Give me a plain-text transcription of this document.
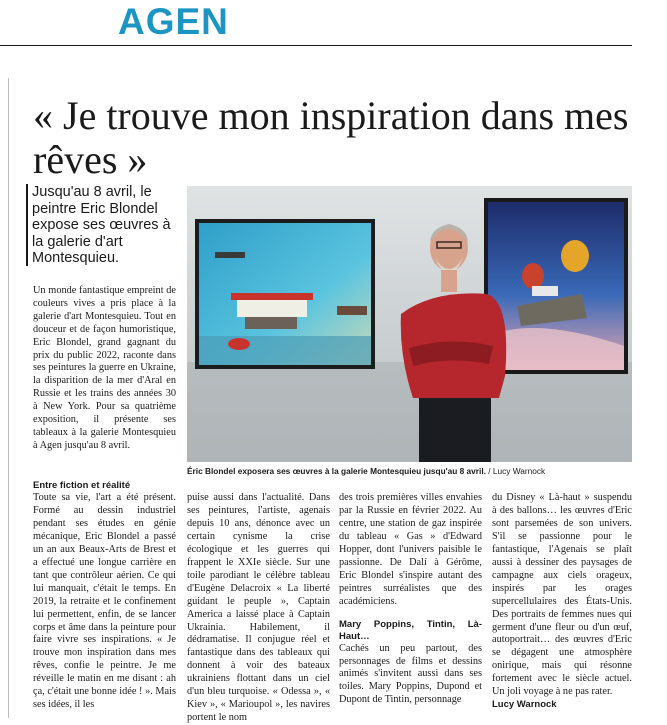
AGEN
« Je trouve mon inspiration dans mes rêves »

Jusqu'au 8 avril, le peintre Eric Blondel expose ses œuvres à la galerie d'art Montesquieu.

Un monde fantastique empreint de couleurs vives a pris place à la galerie d'art Montesquieu. Tout en douceur et de façon humoristique, Eric Blondel, grand gagnant du prix du public 2022, raconte dans ses peintures la guerre en Ukraine, la disparition de la mer d'Aral en Russie et les trains des années 30 à New York. Pour sa quatrième exposition, il présente ses tableaux à la galerie Montesquieu à Agen jusqu'au 8 avril.

Éric Blondel exposera ses œuvres à la galerie Montesquieu jusqu'au 8 avril. / Lucy Warnock

Entre fiction et réalité

Toute sa vie, l'art a été présent. Formé au dessin industriel pendant ses études en génie mécanique, Eric Blondel a passé un an aux Beaux-Arts de Brest et a effectué une longue carrière en tant que contrôleur aérien. Ce qui lui manquait, c'était le temps. En 2019, la retraite et le confinement lui permettent, enfin, de se lancer corps et âme dans la peinture pour faire vivre ses inspirations. « Je trouve mon inspiration dans mes rêves, confie le peintre. Je me réveille le matin en me disant : ah ça, c'était une bonne idée ! ». Mais ses idées, il les

puise aussi dans l'actualité. Dans ses peintures, l'artiste, agenais depuis 10 ans, dénonce avec un certain cynisme la crise écologique et les guerres qui frappent le XXIe siècle. Sur une toile parodiant le célèbre tableau d'Eugène Delacroix « La liberté guidant le peuple », Captain America a laissé place à Captain Ukrainia. Habilement, il dédramatise. Il conjugue réel et fantastique dans des tableaux qui donnent à voir des bateaux ukrainiens flottant dans un ciel d'un bleu turquoise. « Odessa », « Kiev », « Marioupol », les navires portent le nom

des trois premières villes envahies par la Russie en février 2022. Au centre, une station de gaz inspirée du tableau « Gas » d'Edward Hopper, dont l'univers paisible le passionne. De Dalí à Gérôme, Eric Blondel s'inspire autant des peintres surréalistes que des académiciens.

Mary Poppins, Tintin, Là-Haut…

Cachés un peu partout, des personnages de films et dessins animés s'invitent aussi dans ses toiles. Mary Poppins, Dupond et Dupont de Tintin, personnage

du Disney « Là-haut » suspendu à des ballons… les œuvres d'Eric sont parsemées de son univers. S'il se passionne pour le fantastique, l'Agenais se plaît aussi à dessiner des paysages de campagne aux ciels orageux, inspirés par les orages supercellulaires des États-Unis. Des portraits de femmes nues qui germent d'une fleur ou d'un œuf, autoportrait… des œuvres d'Eric se dégagent une atmosphère onirique, mais qui résonne fortement avec le siècle actuel. Un joli voyage à ne pas rater.

Lucy Warnock
